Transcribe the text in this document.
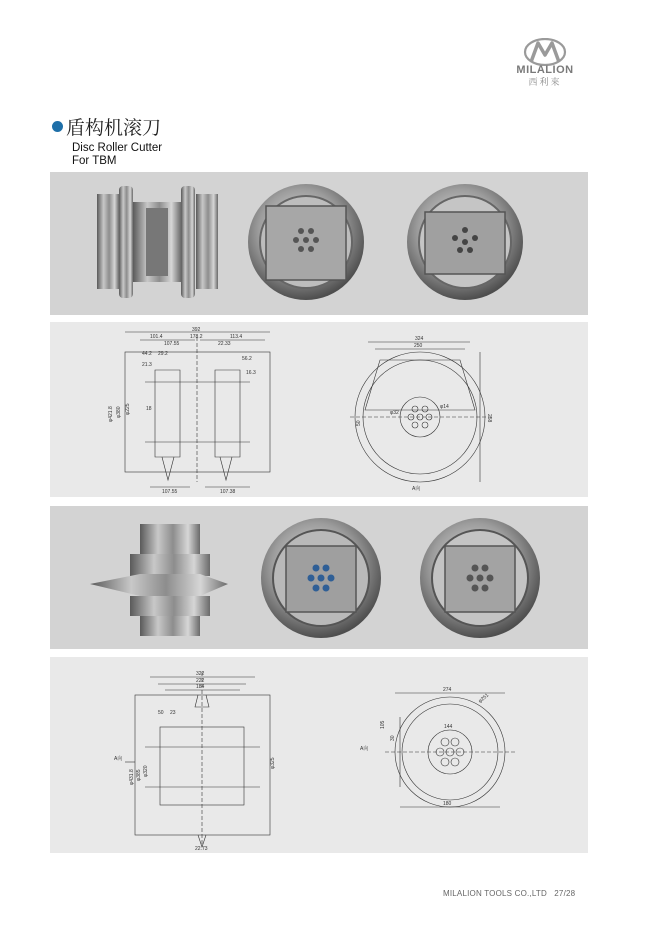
MILALION
西利來
盾构机滚刀
Disc Roller Cutter
For TBM
392
101.4	178.2	113.4
107.55	22.33
44.2 29.2
56.2
21.3
16.3
φ421.8 φ380 φ225	18
107.55	107.38
324
250
φ32
φ14
50
258
A向
322
222
184
50 23
A向
φ431.8 φ385 φ320
φ325
22.73
274
φ251
105	144
30
180
A向
MILALION TOOLS CO.,LTD 27/28
